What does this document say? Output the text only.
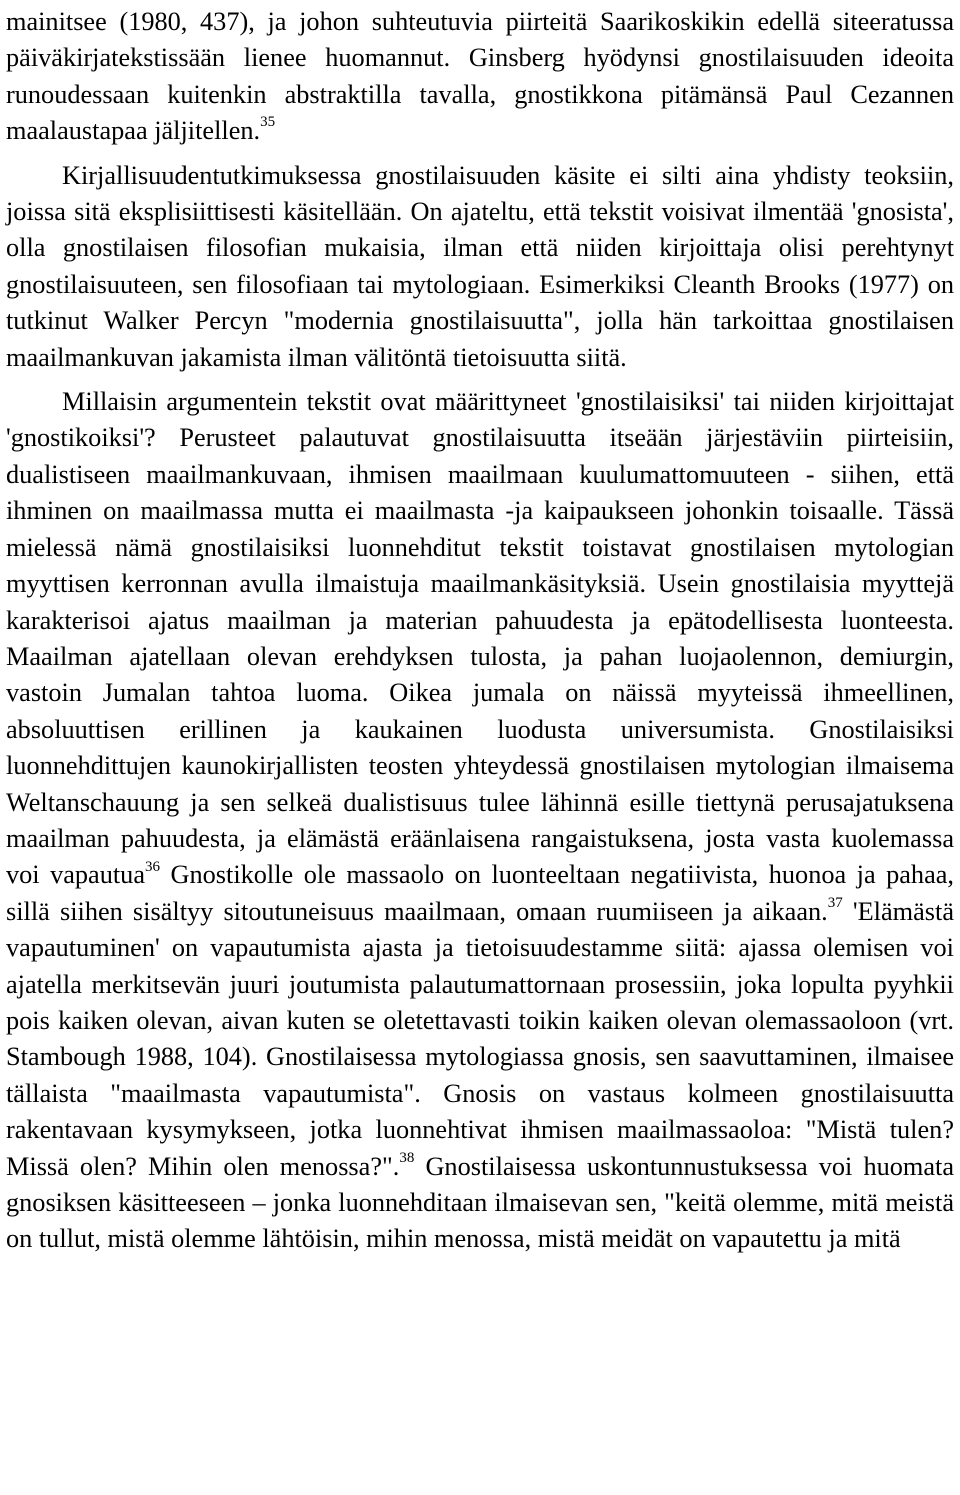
mainitsee (1980, 437), ja johon suhteutuvia piirteitä Saarikoskikin edellä siteeratussa päiväkirjatekstissään lienee huomannut. Ginsberg hyödynsi gnostilaisuuden ideoita runoudessaan kuitenkin abstraktilla tavalla, gnostikkona pitämänsä Paul Cezannen maalaustapaa jäljitellen.$^{35}$

Kirjallisuudentutkimuksessa gnostilaisuuden käsite ei silti aina yhdisty teoksiin, joissa sitä eksplisiittisesti käsitellään. On ajateltu, että tekstit voisivat ilmentää 'gnosista', olla gnostilaisen filosofian mukaisia, ilman että niiden kirjoittaja olisi perehtynyt gnostilaisuuteen, sen filosofiaan tai mytologiaan. Esimerkiksi Cleanth Brooks (1977) on tutkinut Walker Percyn "modernia gnostilaisuutta", jolla hän tarkoittaa gnostilaisen maailmankuvan jakamista ilman välitöntä tietoisuutta siitä.

Millaisin argumentein tekstit ovat määrittyneet 'gnostilaisiksi' tai niiden kirjoittajat 'gnostikoiksi'? Perusteet palautuvat gnostilaisuutta itseään järjestäviin piirteisiin, dualistiseen maailmankuvaan, ihmisen maailmaan kuulumattomuuteen - siihen, että ihminen on maailmassa mutta ei maailmasta -ja kaipaukseen johonkin toisaalle. Tässä mielessä nämä gnostilaisiksi luonnehditut tekstit toistavat gnostilaisen mytologian myyttisen kerronnan avulla ilmaistuja maailmankäsityksiä. Usein gnostilaisia myyttejä karakterisoi ajatus maailman ja materian pahuudesta ja epätodellisesta luonteesta. Maailman ajatellaan olevan erehdyksen tulosta, ja pahan luojaolennon, demiurgin, vastoin Jumalan tahtoa luoma. Oikea jumala on näissä myyteissä ihmeellinen, absoluuttisen erillinen ja kaukainen luodusta universumista. Gnostilaisiksi luonnehdittujen kaunokirjallisten teosten yhteydessä gnostilaisen mytologian ilmaisema Weltanschauung ja sen selkeä dualistisuus tulee lähinnä esille tiettynä perusajatuksena maailman pahuudesta, ja elämästä eräänlaisena rangaistuksena, josta vasta kuolemassa voi vapautua$^{36}$ Gnostikolle ole massaolo on luonteeltaan negatiivista, huonoa ja pahaa, sillä siihen sisältyy sitoutuneisuus maailmaan, omaan ruumiiseen ja aikaan.$^{37}$ 'Elämästä vapautuminen' on vapautumista ajasta ja tietoisuudestamme siitä: ajassa olemisen voi ajatella merkitsevän juuri joutumista palautumattornaan prosessiin, joka lopulta pyyhkii pois kaiken olevan, aivan kuten se oletettavasti toikin kaiken olevan olemassaoloon (vrt. Stambough 1988, 104). Gnostilaisessa mytologiassa gnosis, sen saavuttaminen, ilmaisee tällaista "maailmasta vapautumista". Gnosis on vastaus kolmeen gnostilaisuutta rakentavaan kysymykseen, jotka luonnehtivat ihmisen maailmassaoloa: "Mistä tulen? Missä olen? Mihin olen menossa?".$^{38}$ Gnostilaisessa uskontunnustuksessa voi huomata gnosiksen käsitteeseen – jonka luonnehditaan ilmaisevan sen, "keitä olemme, mitä meistä on tullut, mistä olemme lähtöisin, mihin menossa, mistä meidät on vapautettu ja mitä
